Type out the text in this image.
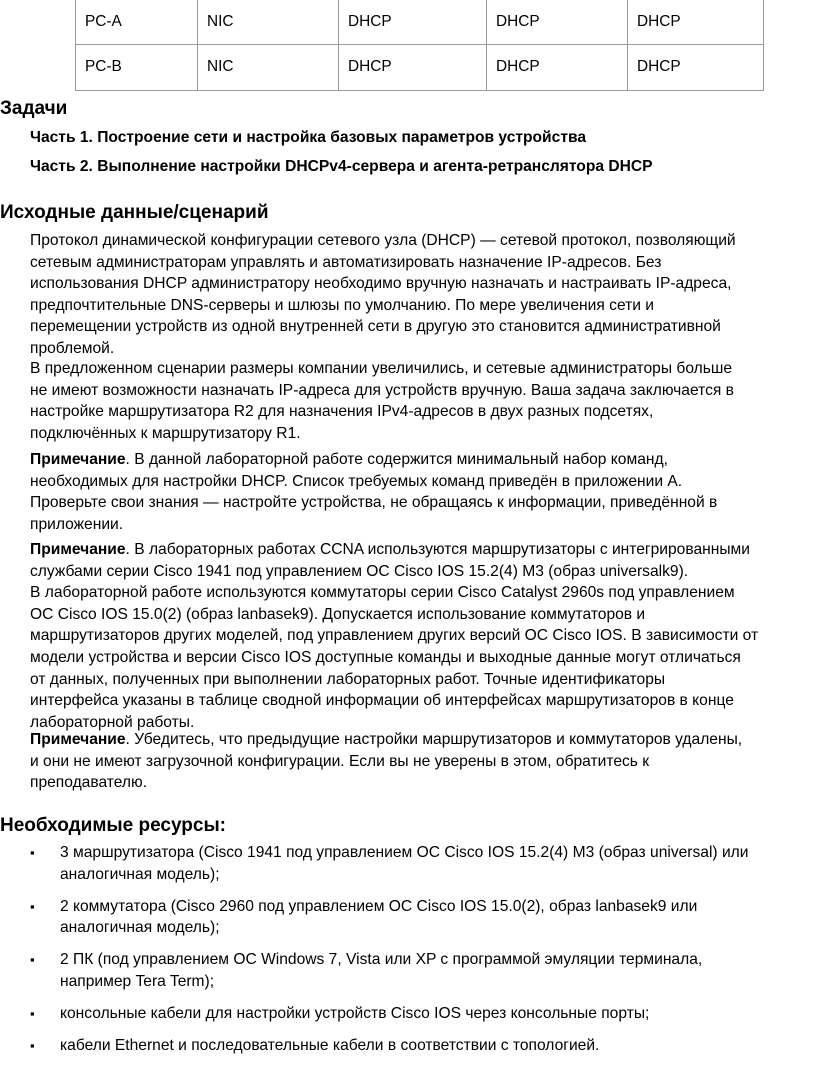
PC-A	NIC	DHCP	DHCP	DHCP
PC-B	NIC	DHCP	DHCP	DHCP
Задачи

Часть 1. Построение сети и настройка базовых параметров устройства

Часть 2. Выполнение настройки DHCPv4-сервера и агента-ретранслятора DHCP

Исходные данные/сценарий
Протокол динамической конфигурации сетевого узла (DHCP) — сетевой протокол, позволяющий
сетевым администраторам управлять и автоматизировать назначение IP-адресов. Без
использования DHCP администратору необходимо вручную назначать и настраивать IP-адреса,
предпочтительные DNS-серверы и шлюзы по умолчанию. По мере увеличения сети и
перемещении устройств из одной внутренней сети в другую это становится административной
проблемой.
В предложенном сценарии размеры компании увеличились, и сетевые администраторы больше
не имеют возможности назначать IP-адреса для устройств вручную. Ваша задача заключается в
настройке маршрутизатора R2 для назначения IPv4-адресов в двух разных подсетях,
подключённых к маршрутизатору R1.
Примечание. В данной лабораторной работе содержится минимальный набор команд,
необходимых для настройки DHCP. Список требуемых команд приведён в приложении А.
Проверьте свои знания — настройте устройства, не обращаясь к информации, приведённой в
приложении.
Примечание. В лабораторных работах CCNA используются маршрутизаторы с интегрированными
службами серии Cisco 1941 под управлением ОС Cisco IOS 15.2(4) M3 (образ universalk9).
В лабораторной работе используются коммутаторы серии Cisco Catalyst 2960s под управлением
ОС Cisco IOS 15.0(2) (образ lanbasek9). Допускается использование коммутаторов и
маршрутизаторов других моделей, под управлением других версий ОС Cisco IOS. В зависимости от
модели устройства и версии Cisco IOS доступные команды и выходные данные могут отличаться
от данных, полученных при выполнении лабораторных работ. Точные идентификаторы
интерфейса указаны в таблице сводной информации об интерфейсах маршрутизаторов в конце
лабораторной работы.
Примечание. Убедитесь, что предыдущие настройки маршрутизаторов и коммутаторов удалены,
и они не имеют загрузочной конфигурации. Если вы не уверены в этом, обратитесь к
преподавателю.
Необходимые ресурсы:
▪ 3 маршрутизатора (Cisco 1941 под управлением ОС Cisco IOS 15.2(4) M3 (образ universal) или
аналогичная модель);
▪ 2 коммутатора (Cisco 2960 под управлением ОС Cisco IOS 15.0(2), образ lanbasek9 или
аналогичная модель);
▪ 2 ПК (под управлением ОС Windows 7, Vista или XP с программой эмуляции терминала,
например Tera Term);
▪ консольные кабели для настройки устройств Cisco IOS через консольные порты;
▪ кабели Ethernet и последовательные кабели в соответствии с топологией.
